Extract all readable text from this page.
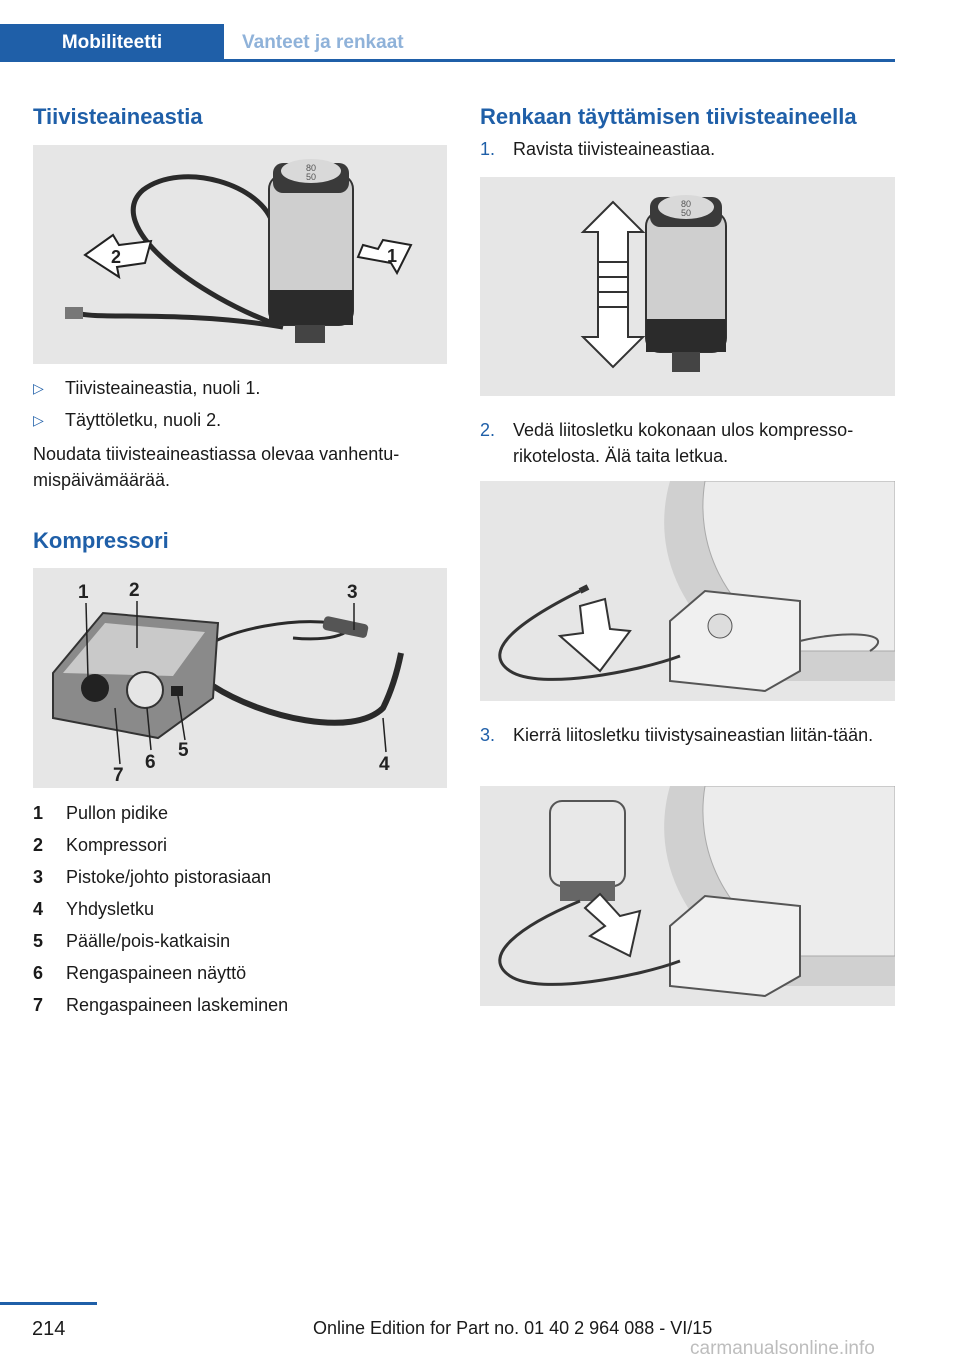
Mobiliteetti	Vanteet ja renkaat
Tiivisteaineastia
80
50
1
2
▷	Tiivisteaineastia, nuoli 1.
▷	Täyttöletku, nuoli 2.
Noudata tiivisteaineastiassa olevaa vanhentu‐mispäivämäärää.
Kompressori
1 2	3
4
5
6
7
1	Pullon pidike
2	Kompressori
3	Pistoke/johto pistorasiaan
4	Yhdysletku
5	Päälle/pois-katkaisin
6	Rengaspaineen näyttö
7	Rengaspaineen laskeminen
Renkaan täyttämisen tiivisteaineella
1. Ravista tiivisteaineastiaa.
80
50
2. Vedä liitosletku kokonaan ulos kompresso‐rikotelosta. Älä taita letkua.
3. Kierrä liitosletku tiivistysaineastian liitän‐tään.
214	Online Edition for Part no. 01 40 2 964 088 - VI/15
carmanualsonline.info
